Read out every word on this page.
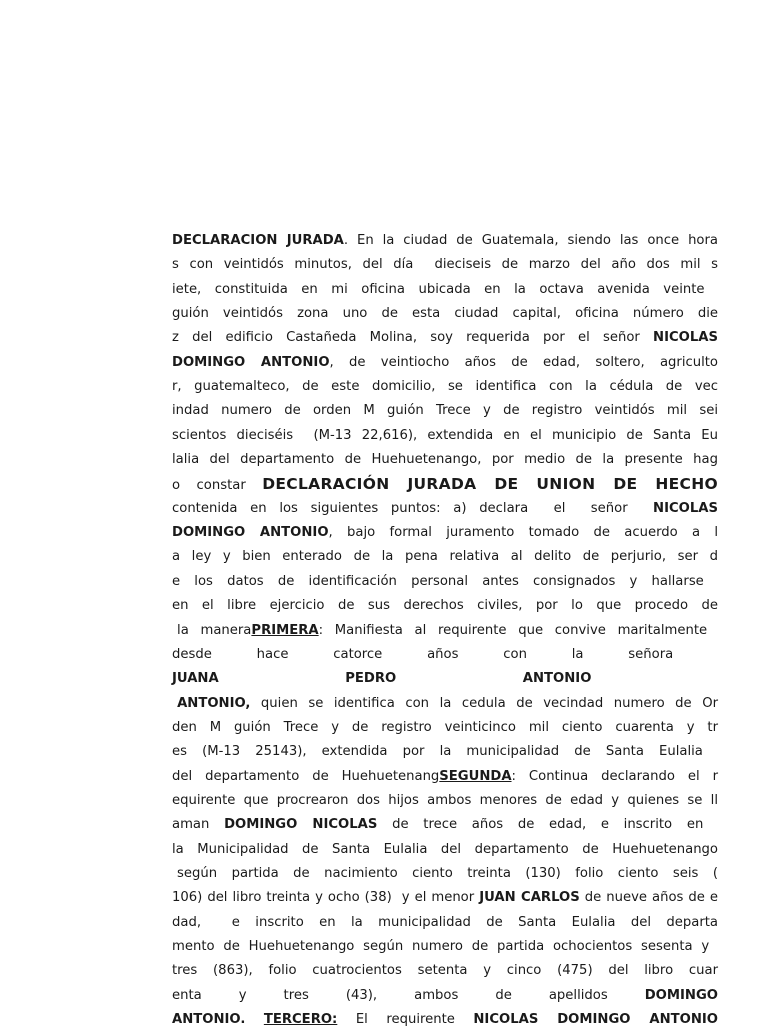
DECLARACION JURADA. En la ciudad de Guatemala, siendo las once hora
s con veintidós minutos, del día  dieciseis de marzo del año dos mil s
iete, constituida en mi oficina ubicada en la octava avenida veinte
guión veintidós zona uno de esta ciudad capital, oficina número die
z del edificio Castañeda Molina, soy requerida por el señor NICOLAS
DOMINGO ANTONIO, de veintiocho años de edad, soltero, agriculto
r, guatemalteco, de este domicilio, se identifica con la cédula de vec
indad numero de orden M guión Trece y de registro veintidós mil sei
scientos dieciséis  (M-13 22,616), extendida en el municipio de Santa Eu
lalia del departamento de Huehuetenango, por medio de la presente hag
o constar DECLARACIÓN JURADA DE UNION DE HECHO
contenida en los siguientes puntos: a) declara  el  señor  NICOLAS
DOMINGO ANTONIO, bajo formal juramento tomado de acuerdo a l
a ley y bien enterado de la pena relativa al delito de perjurio, ser d
e los datos de identificación personal antes consignados y hallarse
en el libre ejercicio de sus derechos civiles, por lo que procedo de
la maneraPRIMERA: Manifiesta al requirente que convive maritalmente
desde hace catorce años con la señora
JUANA PEDRO ANTONIO
ANTONIO, quien se identifica con la cedula de vecindad numero de Or
den M guión Trece y de registro veinticinco mil ciento cuarenta y tr
es (M-13 25143), extendida por la municipalidad de Santa Eulalia
del departamento de HuehuetenangSEGUNDA: Continua declarando el r
equirente que procrearon dos hijos ambos menores de edad y quienes se ll
aman DOMINGO NICOLAS de trece años de edad, e inscrito en
la Municipalidad de Santa Eulalia del departamento de Huehuetenango
según partida de nacimiento ciento treinta (130) folio ciento seis (
106) del libro treinta y ocho (38)  y el menor JUAN CARLOS de nueve años de e
dad,  e inscrito en la municipalidad de Santa Eulalia del departa
mento de Huehuetenango según numero de partida ochocientos sesenta y
tres (863), folio cuatrocientos setenta y cinco (475) del libro cuar
enta y tres (43), ambos de apellidos DOMINGO
ANTONIO. TERCERO: El requirente NICOLAS DOMINGO ANTONIO
